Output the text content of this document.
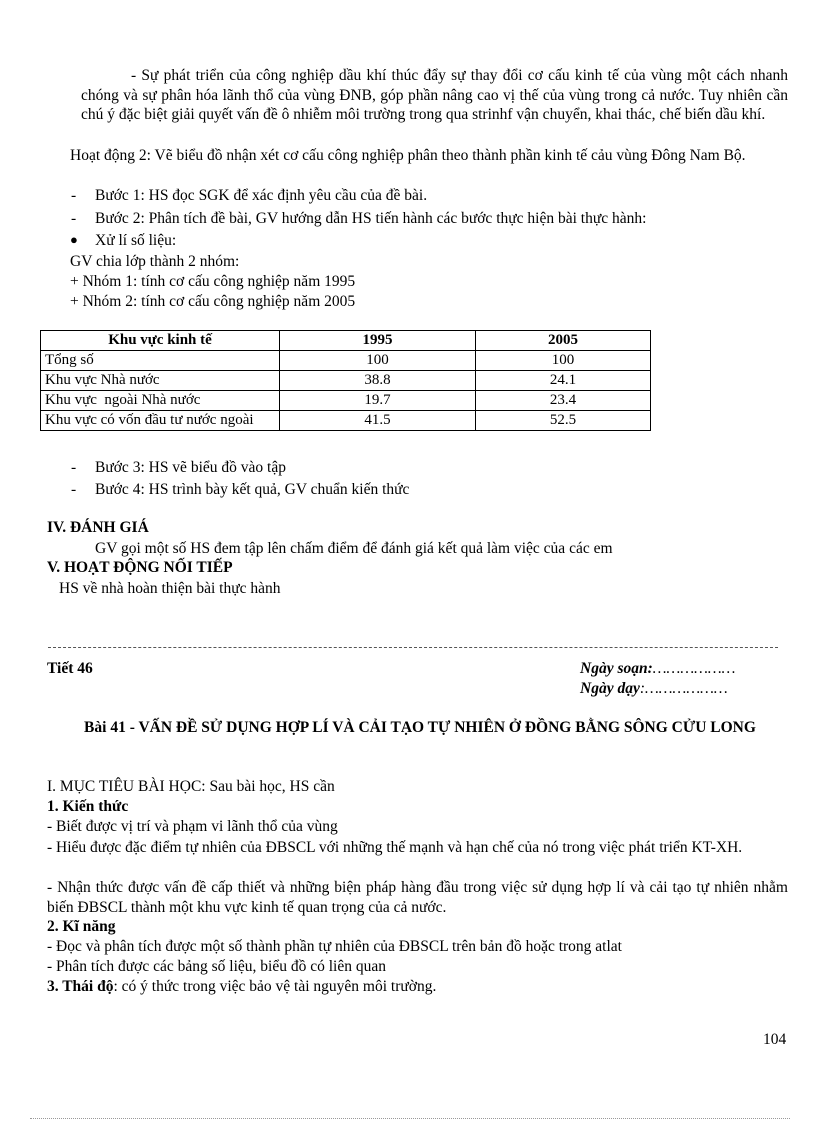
- Sự phát triển của công nghiệp dầu khí thúc đẩy sự thay đổi cơ cấu kinh tế của vùng một cách nhanh chóng và sự phân hóa lãnh thổ của vùng ĐNB, góp phần nâng cao vị thế của vùng trong cả nước. Tuy nhiên cần chú ý đặc biệt giải quyết vấn đề ô nhiễm môi trường trong qua strinhf vận chuyển, khai thác, chế biến dầu khí.
Hoạt động 2: Vẽ biểu đồ nhận xét cơ cấu công nghiệp phân theo thành phần kinh tế cảu vùng Đông Nam Bộ.
- Bước 1: HS đọc SGK để xác định yêu cầu của đề bài.
- Bước 2: Phân tích đề bài, GV hướng dẫn HS tiến hành các bước thực hiện bài thực hành:
● Xử lí số liệu:
GV chia lớp thành 2 nhóm:
+ Nhóm 1: tính cơ cấu công nghiệp năm 1995
+ Nhóm 2: tính cơ cấu công nghiệp năm 2005
Khu vực kinh tế	1995	2005
Tổng số	100	100
Khu vực Nhà nước	38.8	24.1
Khu vực  ngoài Nhà nước	19.7	23.4
Khu vực có vốn đầu tư nước ngoài	41.5	52.5
- Bước 3: HS vẽ biểu đồ vào tập
- Bước 4: HS trình bày kết quả, GV chuẩn kiến thức
IV. ĐÁNH GIÁ
GV gọi một số HS đem tập lên chấm điểm để đánh giá kết quả làm việc của các em
V. HOẠT ĐỘNG NỐI TIẾP
HS về nhà hoàn thiện bài thực hành
Tiết 46	Ngày soạn:………………
Ngày dạy:………………
Bài 41 - VẤN ĐỀ SỬ DỤNG HỢP LÍ VÀ CẢI TẠO TỰ NHIÊN Ở ĐỒNG BẰNG SÔNG CỬU LONG
I. MỤC TIÊU BÀI HỌC: Sau bài học, HS cần
1. Kiến thức
- Biết được vị trí và phạm vi lãnh thổ của vùng
- Hiểu được đặc điểm tự nhiên của ĐBSCL với những thế mạnh và hạn chế của nó trong việc phát triển KT-XH.
- Nhận thức được vấn đề cấp thiết và những biện pháp hàng đầu trong việc sử dụng hợp lí và cải tạo tự nhiên nhằm biến ĐBSCL thành một khu vực kinh tế quan trọng của cả nước.
2. Kĩ năng
- Đọc và phân tích được một số thành phần tự nhiên của ĐBSCL trên bản đồ hoặc trong atlat
- Phân tích được các bảng số liệu, biểu đồ có liên quan
3. Thái độ: có ý thức trong việc bảo vệ tài nguyên môi trường.
104
